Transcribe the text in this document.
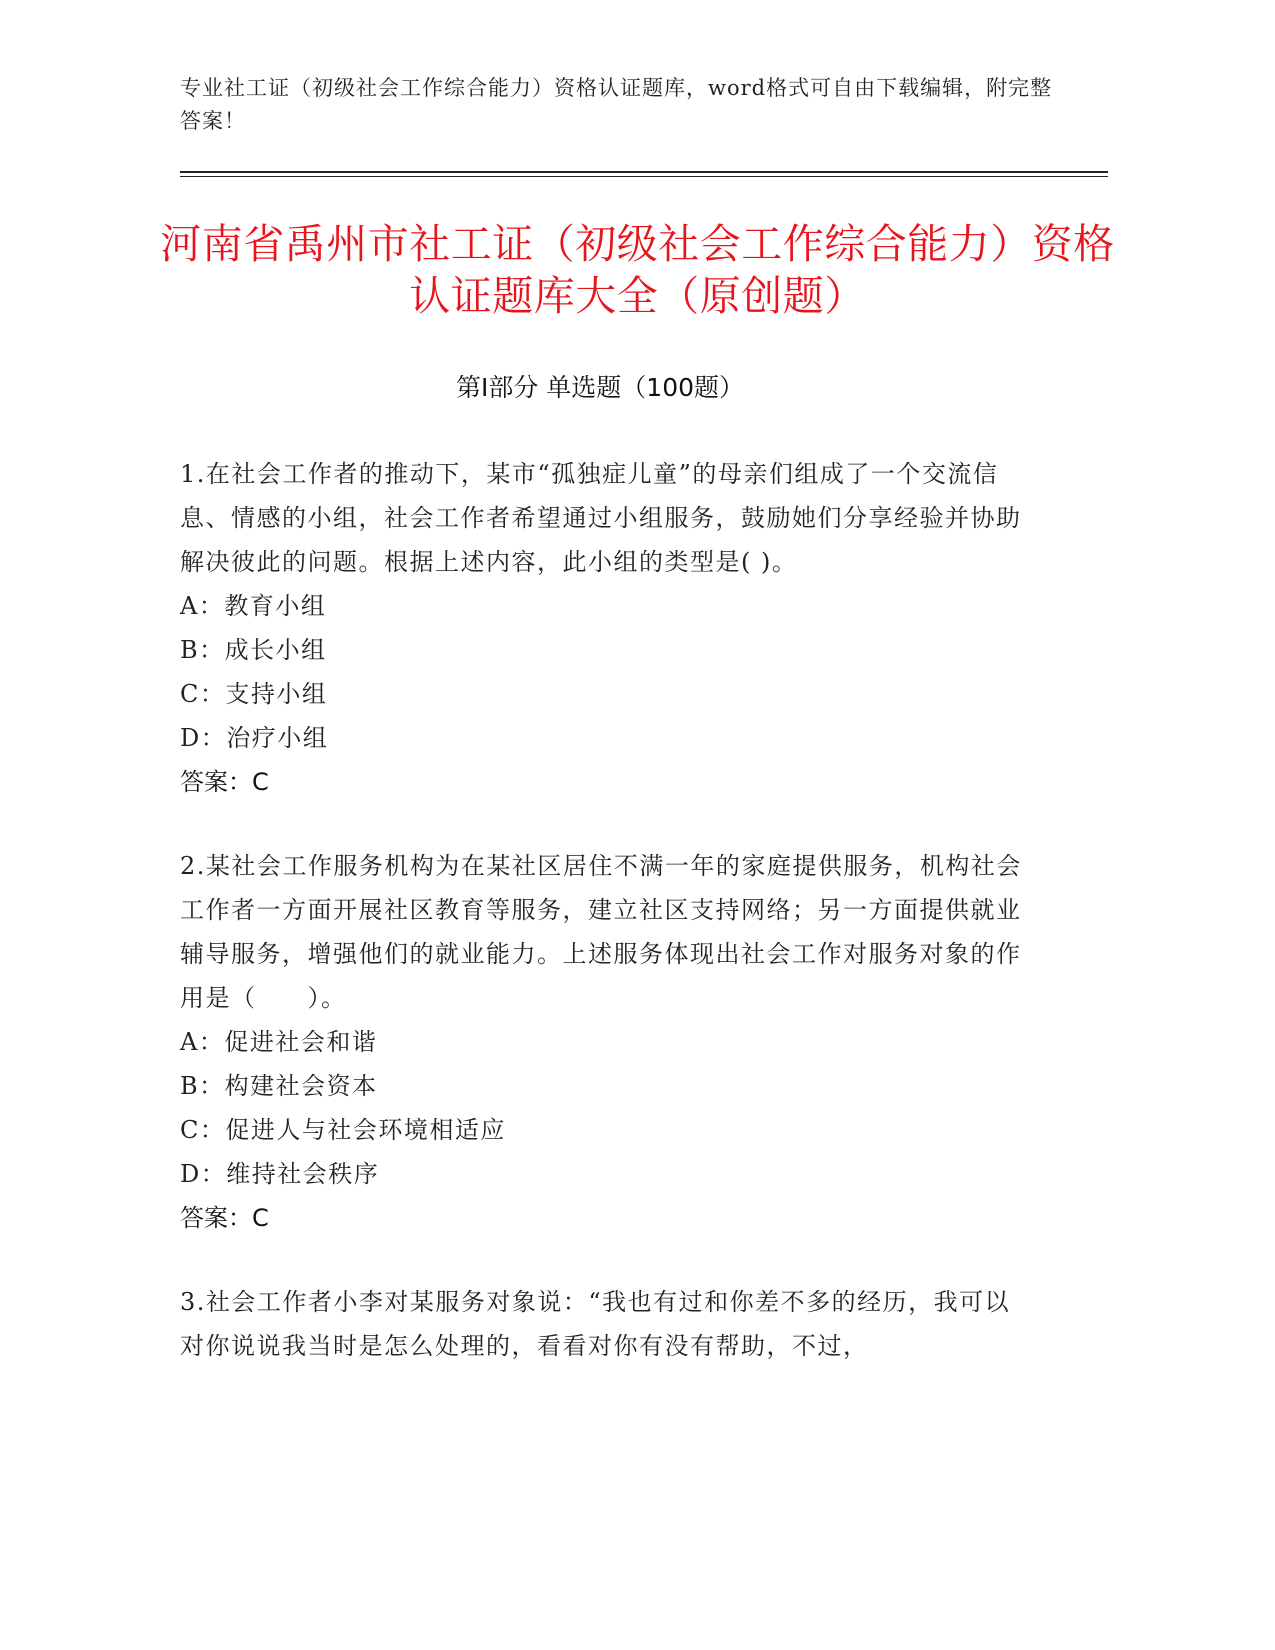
专业社工证（初级社会工作综合能力）资格认证题库，word格式可自由下载编辑，附完整答案！
河南省禹州市社工证（初级社会工作综合能力）资格认证题库大全（原创题）
第Ⅰ部分 单选题（100题）

1.在社会工作者的推动下，某市“孤独症儿童”的母亲们组成了一个交流信息、情感的小组，社会工作者希望通过小组服务，鼓励她们分享经验并协助解决彼此的问题。根据上述内容，此小组的类型是( )。

A：教育小组

B：成长小组

C：支持小组

D：治疗小组

答案：C

2.某社会工作服务机构为在某社区居住不满一年的家庭提供服务，机构社会工作者一方面开展社区教育等服务，建立社区支持网络；另一方面提供就业辅导服务，增强他们的就业能力。上述服务体现出社会工作对服务对象的作用是（　　）。

A：促进社会和谐

B：构建社会资本

C：促进人与社会环境相适应

D：维持社会秩序

答案：C

3.社会工作者小李对某服务对象说：“我也有过和你差不多的经历，我可以对你说说我当时是怎么处理的，看看对你有没有帮助，不过，
